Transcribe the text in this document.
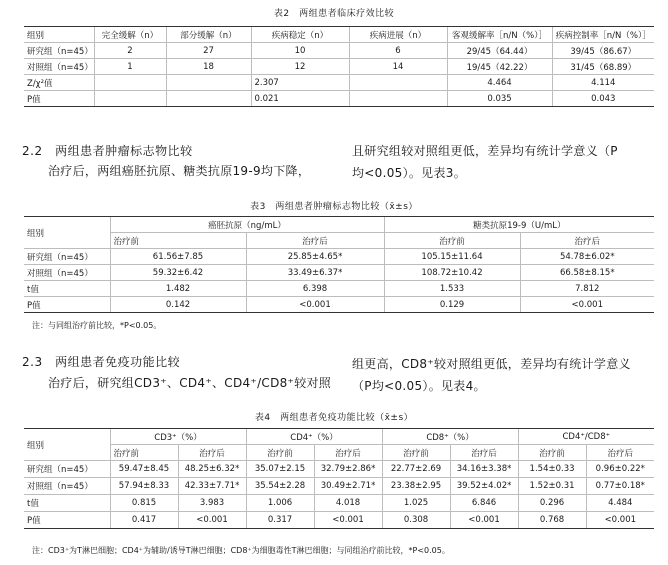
表2　两组患者临床疗效比较
组别	完全缓解（n）	部分缓解（n）	疾病稳定（n）	疾病进展（n）	客观缓解率［n/N（%）］	疾病控制率［n/N（%）］
研究组（n=45）	2	27	10	6	29/45（64.44）	39/45（86.67）
对照组（n=45）	1	18	12	14	19/45（42.22）	31/45（68.89）
Z/χ²值			2.307		4.464	4.114
P值			0.021		0.035	0.043
2.2　两组患者肿瘤标志物比较
治疗后，两组癌胚抗原、糖类抗原19-9均下降，
且研究组较对照组更低，差异均有统计学意义（P
均<0.05）。见表3。
表3　两组患者肿瘤标志物比较（x̄±s）
组别	癌胚抗原（ng/mL）		糖类抗原19-9（U/mL）	
	治疗前	治疗后	治疗前	治疗后
研究组（n=45）	61.56±7.85	25.85±4.65*	105.15±11.64	54.78±6.02*
对照组（n=45）	59.32±6.42	33.49±6.37*	108.72±10.42	66.58±8.15*
t值	1.482	6.398	1.533	7.812
P值	0.142	<0.001	0.129	<0.001
注：与同组治疗前比较，*P<0.05。
2.3　两组患者免疫功能比较
治疗后，研究组CD3⁺、CD4⁺、CD4⁺/CD8⁺较对照
组更高，CD8⁺较对照组更低，差异均有统计学意义
（P均<0.05）。见表4。
表4　两组患者免疫功能比较（x̄±s）
组别	CD3⁺（%）		CD4⁺（%）		CD8⁺（%）		CD4⁺/CD8⁺	
	治疗前	治疗后	治疗前	治疗后	治疗前	治疗后	治疗前	治疗后
研究组（n=45）	59.47±8.45	48.25±6.32*	35.07±2.15	32.79±2.86*	22.77±2.69	34.16±3.38*	1.54±0.33	0.96±0.22*
对照组（n=45）	57.94±8.33	42.33±7.71*	35.54±2.28	30.49±2.71*	23.38±2.95	39.52±4.02*	1.52±0.31	0.77±0.18*
t值	0.815	3.983	1.006	4.018	1.025	6.846	0.296	4.484
P值	0.417	<0.001	0.317	<0.001	0.308	<0.001	0.768	<0.001
注：CD3⁺为T淋巴细胞；CD4⁺为辅助/诱导T淋巴细胞；CD8⁺为细胞毒性T淋巴细胞；与同组治疗前比较，*P<0.05。
